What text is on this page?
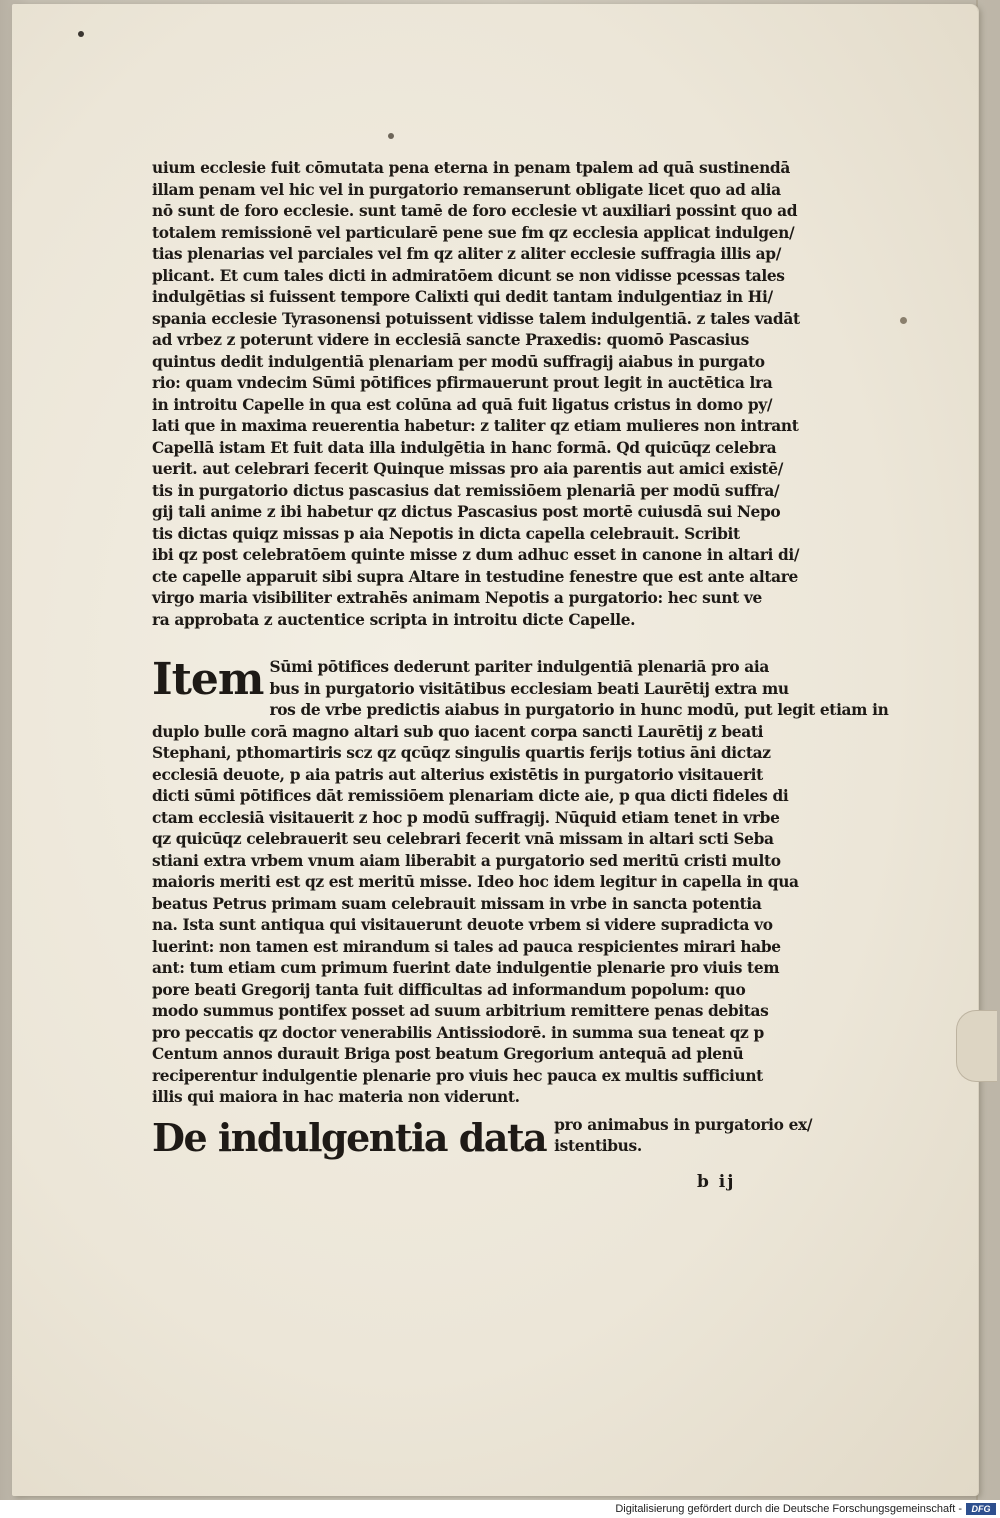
uium ecclesie fuit cōmutata pena eterna in penam tpalem ad quā sustinendā
illam penam vel hic vel in purgatorio remanserunt obligate licet quo ad alia
nō sunt de foro ecclesie. sunt tamē de foro ecclesie vt auxiliari possint quo ad
totalem remissionē vel particularē pene sue fm qz ecclesia applicat indulgen/
tias plenarias vel parciales vel fm qz aliter z aliter ecclesie suffragia illis ap/
plicant. Et cum tales dicti in admiratōem dicunt se non vidisse pcessas tales
indulgētias si fuissent tempore Calixti qui dedit tantam indulgentiaz in Hi/
spania ecclesie Tyrasonensi potuissent vidisse talem indulgentiā. z tales vadāt
ad vrbez z poterunt videre in ecclesiā sancte Praxedis: quomō Pascasius
quintus dedit indulgentiā plenariam per modū suffragij aiabus in purgato
rio: quam vndecim Sūmi pōtifices pfirmauerunt prout legit in auctētica lra
in introitu Capelle in qua est colūna ad quā fuit ligatus cristus in domo py/
lati que in maxima reuerentia habetur: z taliter qz etiam mulieres non intrant
Capellā istam Et fuit data illa indulgētia in hanc formā. Qd quicūqz celebra
uerit. aut celebrari fecerit Quinque missas pro aia parentis aut amici existē/
tis in purgatorio dictus pascasius dat remissiōem plenariā per modū suffra/
gij tali anime z ibi habetur qz dictus Pascasius post mortē cuiusdā sui Nepo
tis dictas quiqz missas p aia Nepotis in dicta capella celebrauit. Scribit
ibi qz post celebratōem quinte misse z dum adhuc esset in canone in altari di/
cte capelle apparuit sibi supra Altare in testudine fenestre que est ante altare
virgo maria visibiliter extrahēs animam Nepotis a purgatorio: hec sunt ve
ra approbata z auctentice scripta in introitu dicte Capelle.
Item Sūmi pōtifices dederunt pariter indulgentiā plenariā pro aia
bus in purgatorio visitātibus ecclesiam beati Laurētij extra mu
ros de vrbe predictis aiabus in purgatorio in hunc modū, put legit etiam in
duplo bulle corā magno altari sub quo iacent corpa sancti Laurētij z beati
Stephani, pthomartiris scz qz qcūqz singulis quartis ferijs totius āni dictaz
ecclesiā deuote, p aia patris aut alterius existētis in purgatorio visitauerit
dicti sūmi pōtifices dāt remissiōem plenariam dicte aie, p qua dicti fideles di
ctam ecclesiā visitauerit z hoc p modū suffragij. Nūquid etiam tenet in vrbe
qz quicūqz celebrauerit seu celebrari fecerit vnā missam in altari scti Seba
stiani extra vrbem vnum aiam liberabit a purgatorio sed meritū cristi multo
maioris meriti est qz est meritū misse. Ideo hoc idem legitur in capella in qua
beatus Petrus primam suam celebrauit missam in vrbe in sancta potentia
na. Ista sunt antiqua qui visitauerunt deuote vrbem si videre supradicta vo
luerint: non tamen est mirandum si tales ad pauca respicientes mirari habe
ant: tum etiam cum primum fuerint date indulgentie plenarie pro viuis tem
pore beati Gregorij tanta fuit difficultas ad informandum popolum: quo
modo summus pontifex posset ad suum arbitrium remittere penas debitas
pro peccatis qz doctor venerabilis Antissiodorē. in summa sua teneat qz p
Centum annos durauit Briga post beatum Gregorium antequā ad plenū
reciperentur indulgentie plenarie pro viuis hec pauca ex multis sufficiunt
illis qui maiora in hac materia non viderunt.
De indulgentia data pro animabus in purgatorio ex/
istentibus.
b ij
Digitalisierung gefördert durch die Deutsche Forschungsgemeinschaft -	DFG
